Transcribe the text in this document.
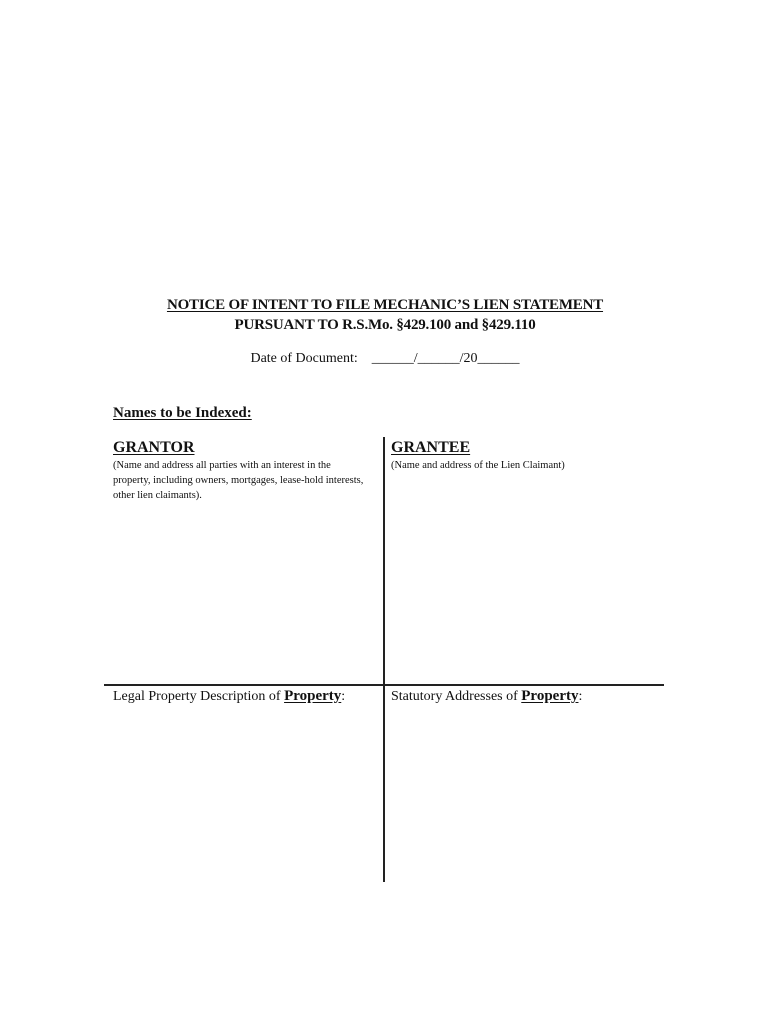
NOTICE OF INTENT TO FILE MECHANIC’S LIEN STATEMENT
PURSUANT TO R.S.Mo. §429.100 and §429.110
Date of Document: ______/______/20______
Names to be Indexed:
GRANTOR
(Name and address all parties with an interest in the property, including owners, mortgages, lease-hold interests, other lien claimants).
GRANTEE
(Name and address of the Lien Claimant)
Legal Property Description of Property:	Statutory Addresses of Property:
